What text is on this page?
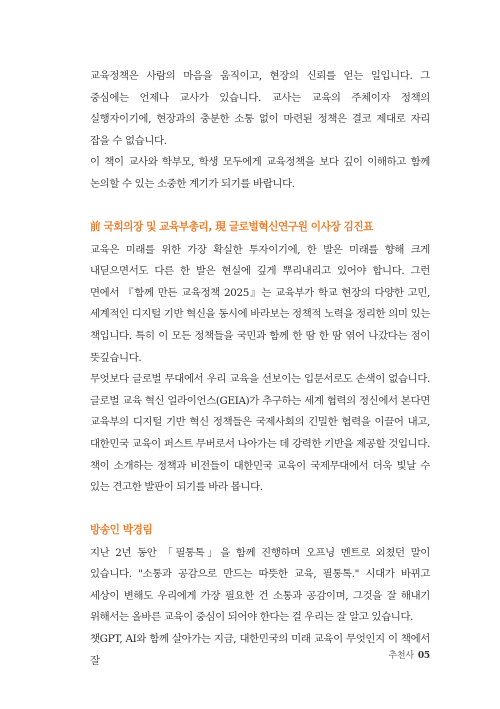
교육정책은 사람의 마음을 움직이고, 현장의 신뢰를 얻는 일입니다. 그 중심에는 언제나 교사가 있습니다. 교사는 교육의 주체이자 정책의 실행자이기에, 현장과의 충분한 소통 없이 마련된 정책은 결코 제대로 자리 잡을 수 없습니다.

이 책이 교사와 학부모, 학생 모두에게 교육정책을 보다 깊이 이해하고 함께 논의할 수 있는 소중한 계기가 되기를 바랍니다.

前 국회의장 및 교육부총리, 現 글로벌혁신연구원 이사장 김진표

교육은 미래를 위한 가장 확실한 투자이기에, 한 발은 미래를 향해 크게 내딛으면서도 다른 한 발은 현실에 깊게 뿌리내리고 있어야 합니다. 그런 면에서 『함께 만든 교육정책 2025』는 교육부가 학교 현장의 다양한 고민, 세계적인 디지털 기반 혁신을 동시에 바라보는 정책적 노력을 정리한 의미 있는 책입니다. 특히 이 모든 정책들을 국민과 함께 한 땀 한 땀 엮어 나갔다는 점이 뜻깊습니다.

무엇보다 글로벌 무대에서 우리 교육을 선보이는 입문서로도 손색이 없습니다. 글로벌 교육 혁신 얼라이언스(GEIA)가 추구하는 세계 협력의 정신에서 본다면 교육부의 디지털 기반 혁신 정책들은 국제사회의 긴밀한 협력을 이끌어 내고, 대한민국 교육이 퍼스트 무버로서 나아가는 데 강력한 기반을 제공할 것입니다. 책이 소개하는 정책과 비전들이 대한민국 교육이 국제무대에서 더욱 빛날 수 있는 견고한 발판이 되기를 바라 봅니다.

방송인 박경림

지난 2년 동안 「필통톡」을 함께 진행하며 오프닝 멘트로 외쳤던 말이 있습니다. "소통과 공감으로 만드는 따뜻한 교육, 필통톡." 시대가 바뀌고 세상이 변해도 우리에게 가장 필요한 건 소통과 공감이며, 그것을 잘 해내기 위해서는 올바른 교육이 중심이 되어야 한다는 걸 우리는 잘 알고 있습니다.

챗GPT, AI와 함께 살아가는 지금, 대한민국의 미래 교육이 무엇인지 이 책에서 잘	추천사 05
